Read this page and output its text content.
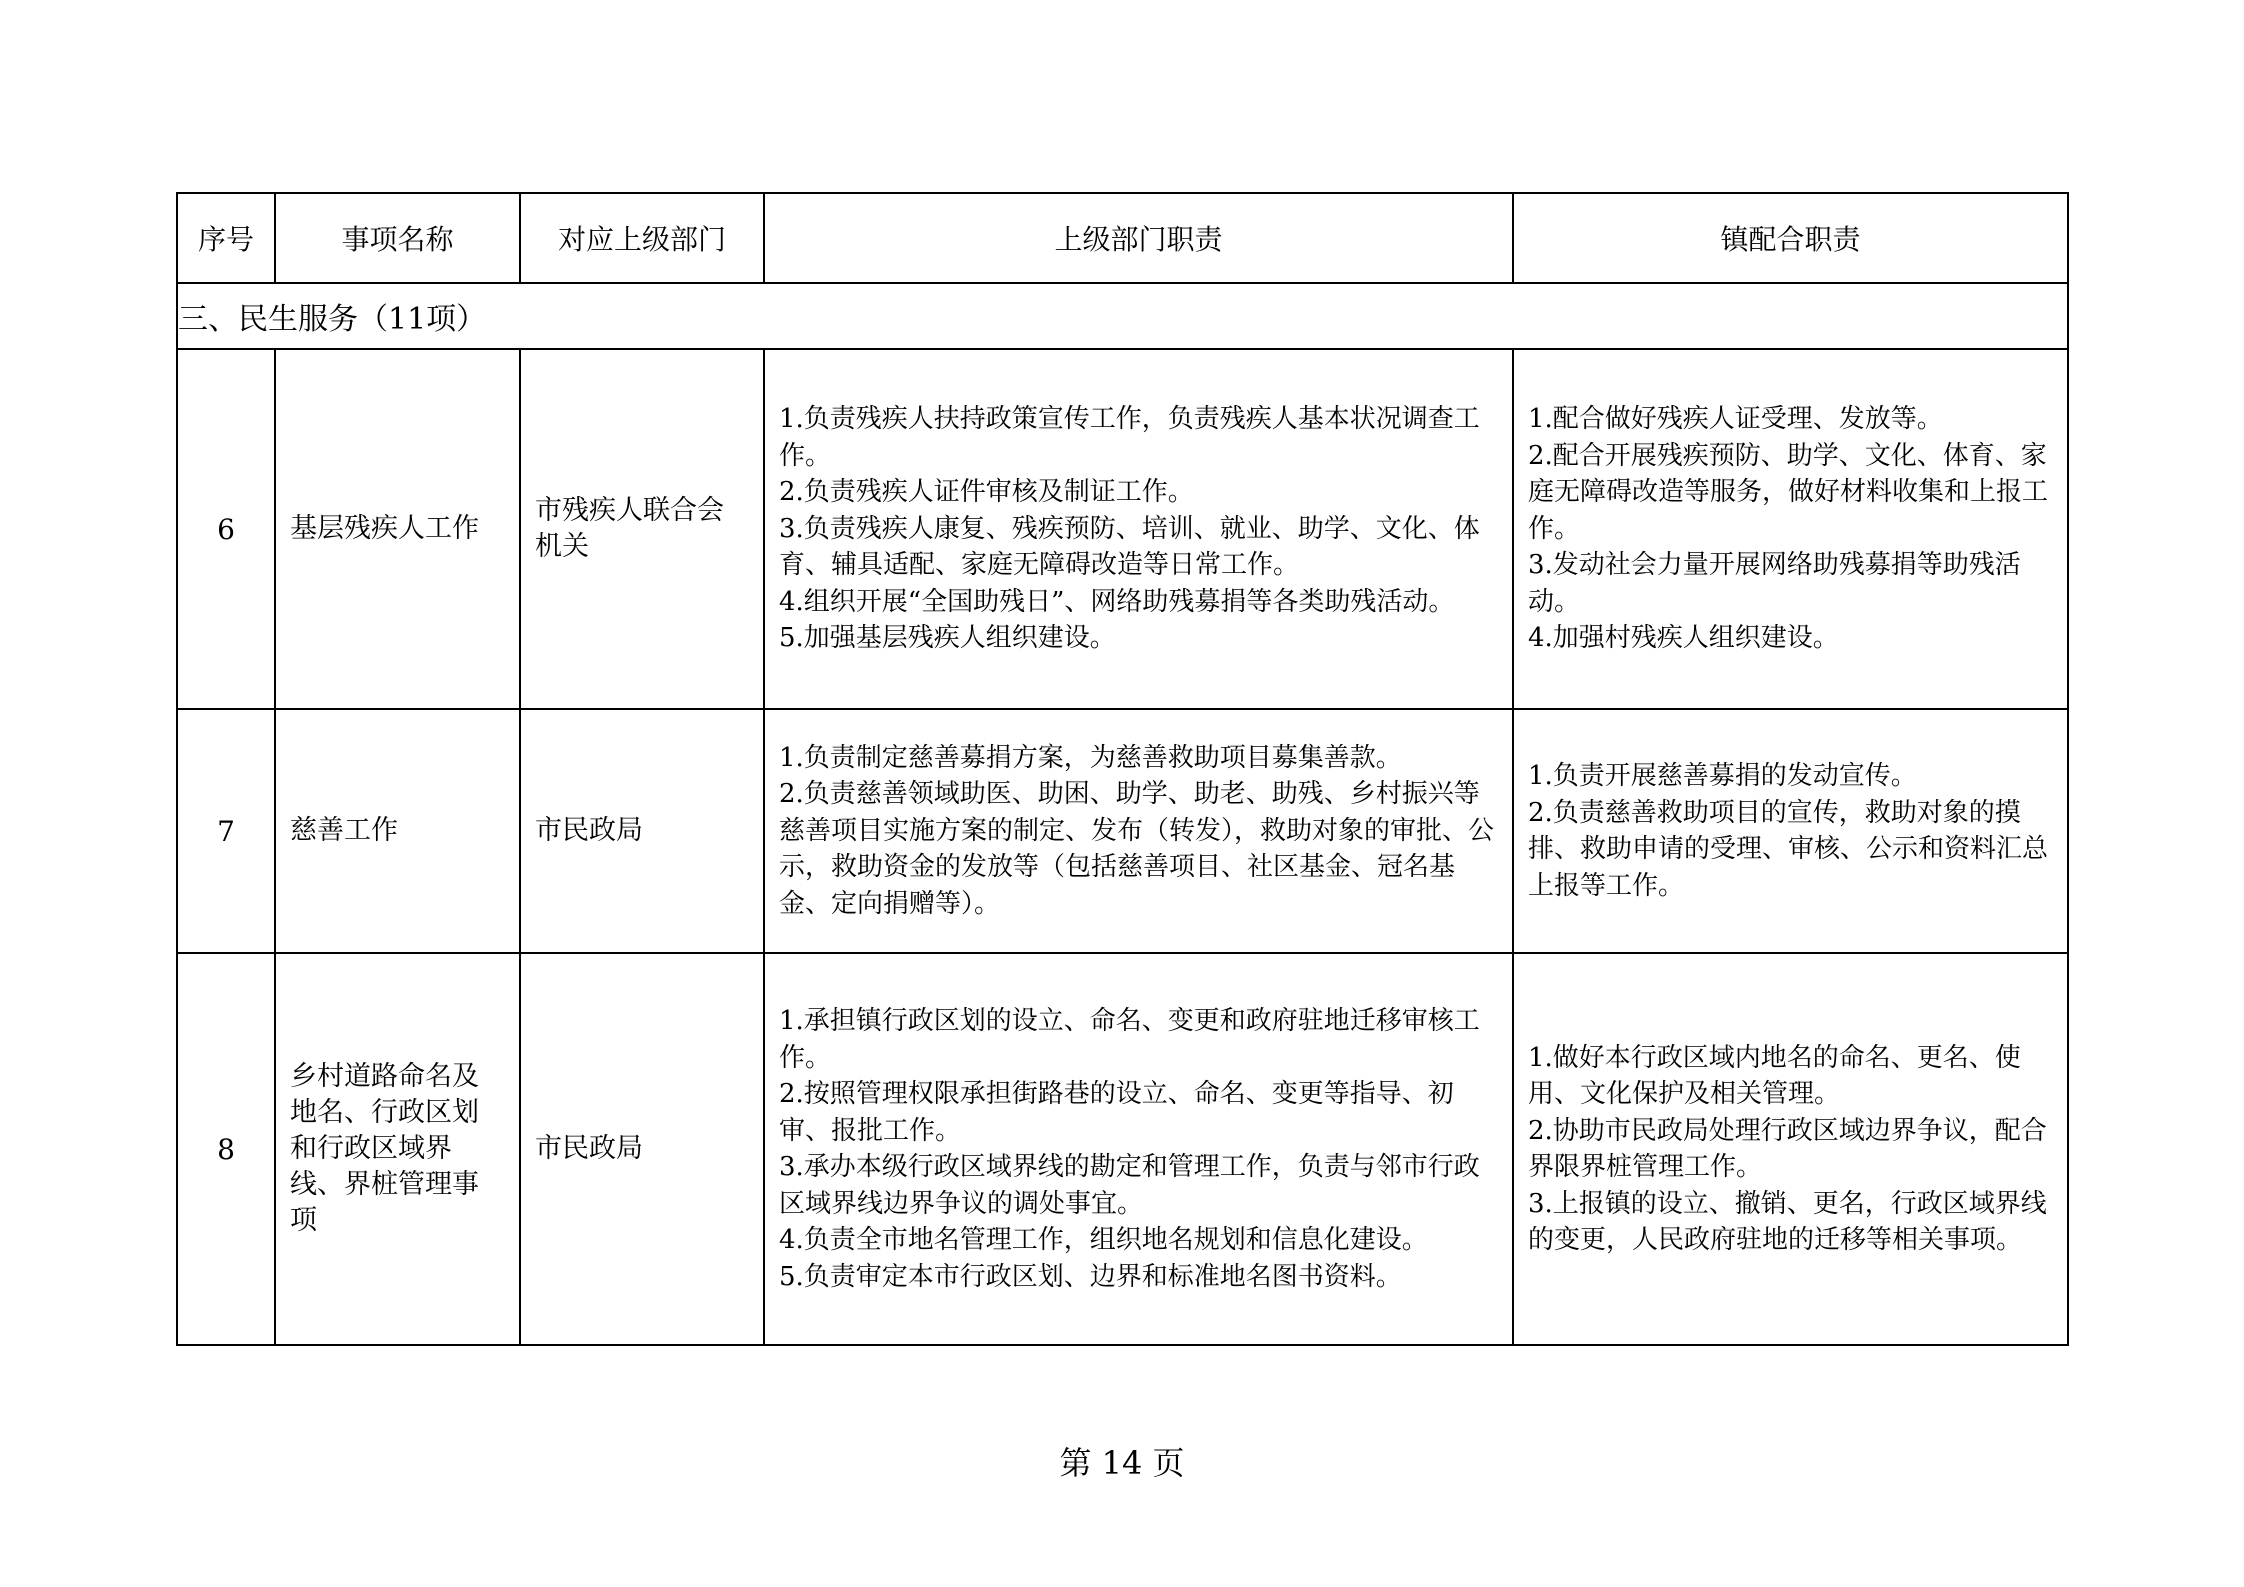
序号	事项名称	对应上级部门	上级部门职责	镇配合职责
三、民生服务（11项）				
6	基层残疾人工作	市残疾人联合会机关	1.负责残疾人扶持政策宣传工作，负责残疾人基本状况调查工作。
2.负责残疾人证件审核及制证工作。
3.负责残疾人康复、残疾预防、培训、就业、助学、文化、体育、辅具适配、家庭无障碍改造等日常工作。
4.组织开展“全国助残日”、网络助残募捐等各类助残活动。
5.加强基层残疾人组织建设。	1.配合做好残疾人证受理、发放等。
2.配合开展残疾预防、助学、文化、体育、家庭无障碍改造等服务，做好材料收集和上报工作。
3.发动社会力量开展网络助残募捐等助残活动。
4.加强村残疾人组织建设。

7	慈善工作	市民政局	1.负责制定慈善募捐方案，为慈善救助项目募集善款。
2.负责慈善领域助医、助困、助学、助老、助残、乡村振兴等慈善项目实施方案的制定、发布（转发），救助对象的审批、公示，救助资金的发放等（包括慈善项目、社区基金、冠名基金、定向捐赠等）。	1.负责开展慈善募捐的发动宣传。
2.负责慈善救助项目的宣传，救助对象的摸排、救助申请的受理、审核、公示和资料汇总上报等工作。

8	乡村道路命名及地名、行政区划和行政区域界线、界桩管理事项	市民政局	1.承担镇行政区划的设立、命名、变更和政府驻地迁移审核工作。
2.按照管理权限承担街路巷的设立、命名、变更等指导、初审、报批工作。
3.承办本级行政区域界线的勘定和管理工作，负责与邻市行政区域界线边界争议的调处事宜。
4.负责全市地名管理工作，组织地名规划和信息化建设。
5.负责审定本市行政区划、边界和标准地名图书资料。	1.做好本行政区域内地名的命名、更名、使用、文化保护及相关管理。
2.协助市民政局处理行政区域边界争议，配合界限界桩管理工作。
3.上报镇的设立、撤销、更名，行政区域界线的变更，人民政府驻地的迁移等相关事项。
第 14 页
